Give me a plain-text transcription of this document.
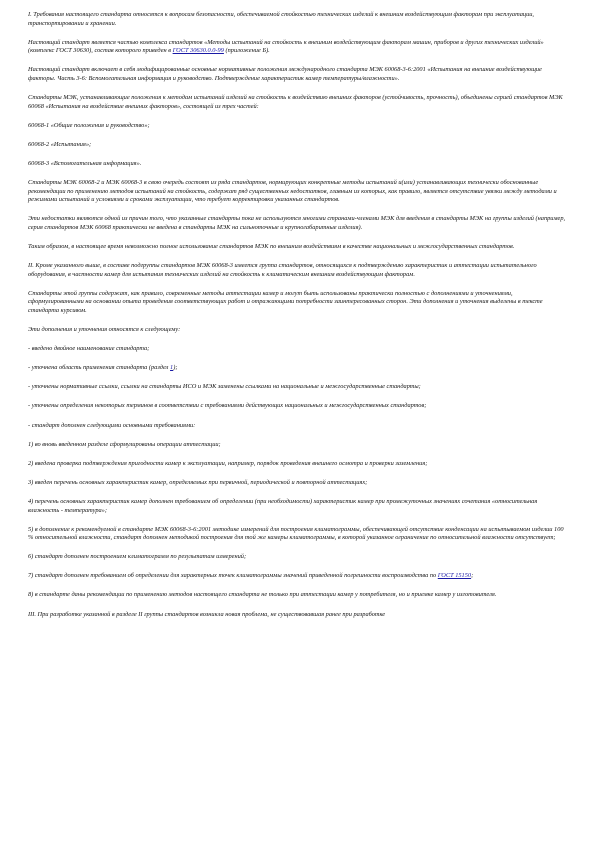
I. Требования настоящего стандарта относятся к вопросам безопасности, обеспечиваемой стойкостью технических изделий к внешним воздействующим факторам при эксплуатации, транспортировании и хранении.

Настоящий стандарт является частью комплекса стандартов «Методы испытаний на стойкость к внешним воздействующим факторам машин, приборов и других технических изделий» (комплекс ГОСТ 30630), состав которого приведен в ГОСТ 30630.0.0-99 (приложение Б).

Настоящий стандарт включает в себя модифицированные основные нормативные положения международного стандарта МЭК 60068-3-6:2001 «Испытания на внешние воздействующие факторы. Часть 3-6: Вспомогательная информация и руководство. Подтверждение характеристик камер температуры/влажности».

Стандарты МЭК, устанавливающие положения к методам испытаний изделий на стойкость к воздействию внешних факторов (устойчивость, прочность), объединены серией стандартов МЭК 60068 «Испытания на воздействие внешних факторов», состоящей из трех частей:

60068-1 «Общие положения и руководство»;

60068-2 «Испытания»;

60068-3 «Вспомогательная информация».

Стандарты МЭК 60068-2 и МЭК 60068-3 в свою очередь состоят из ряда стандартов, нормирующих конкретные методы испытаний и(или) устанавливающих технически обоснованные рекомендации по применению методов испытаний на стойкость, содержат ряд существенных недостатков, главным из которых, как правило, является отсутствие увязки между методами и режимами испытаний и условиями и сроками эксплуатации, что требует корректировки указанных стандартов.

Эти недостатки являются одной из причин того, что указанные стандарты пока не используются многими странами-членами МЭК для введения в стандарты МЭК на группы изделий (например, серия стандартов МЭК 60068 практически не введена в стандарты МЭК на сильноточные и крупногабаритные изделия).

Таким образом, в настоящее время невозможно полное использование стандартов МЭК по внешним воздействиям в качестве национальных и межгосударственных стандартов.

II. Кроме указанного выше, в составе подгруппы стандартов МЭК 60068-3 имеется группа стандартов, относящихся к подтверждению характеристик и аттестации испытательного оборудования, в частности камер для испытания технических изделий на стойкость к климатическим внешним воздействующим факторам.

Стандарты этой группы содержат, как правило, современные методы аттестации камер и могут быть использованы практически полностью с дополнениями и уточнениями, сформулированными на основании опыта проведения соответствующих работ и отражающими потребности заинтересованных сторон. Эти дополнения и уточнения выделены в тексте стандарта курсивом.

Эти дополнения и уточнения относятся к следующему:

- введено двойное наименование стандарта;

- уточнена область применения стандарта (раздел 1);

- уточнены нормативные ссылки, ссылки на стандарты ИСО и МЭК заменены ссылками на национальные и межгосударственные стандарты;

- уточнены определения некоторых терминов в соответствии с требованиями действующих национальных и межгосударственных стандартов;

- стандарт дополнен следующими основными требованиями:

1) во вновь введенном разделе сформулированы операции аттестации;

2) введена проверка подтверждения пригодности камер к эксплуатации, например, порядок проведения внешнего осмотра и проверки заземления;

3) введен перечень основных характеристик камер, определяемых при первичной, периодической и повторной аттестациях;

4) перечень основных характеристик камер дополнен требованием об определении (при необходимости) характеристик камер при промежуточных значениях сочетания «относительная влажность - температура»;

5) в дополнение к рекомендуемой в стандарте МЭК 60068-3-6:2001 методике измерений для построения климатограммы, обеспечивающей отсутствие конденсации на испытываемом изделии 100 % относительной влажности, стандарт дополнен методикой построения для той же камеры климатограммы, в которой указанное ограничение по относительной влажности отсутствует;

6) стандарт дополнен построением климатограмм по результатам измерений;

7) стандарт дополнен требованием об определении для характерных точек климатограммы значений приведенной погрешности воспроизводства по ГОСТ 15150;

8) в стандарте даны рекомендации по применению методов настоящего стандарта не только при аттестации камер у потребителя, но и приемке камер у изготовителя.

III. При разработке указанной в разделе II группы стандартов возникла новая проблема, не существовавшая ранее при разработке
